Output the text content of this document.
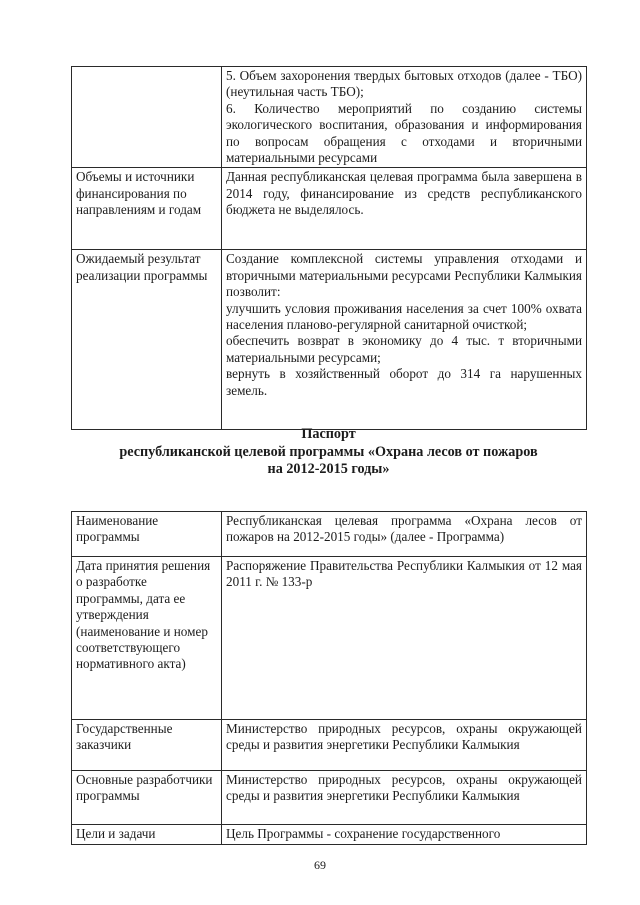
	5. Объем захоронения твердых бытовых отходов (далее - ТБО) (неутильная часть ТБО);

6. Количество мероприятий по созданию системы экологического воспитания, образования и информирования по вопросам обращения с отходами и вторичными материальными ресурсами

Объемы и источники финансирования по направлениям и годам	Данная республиканская целевая программа была завершена в 2014 году, финансирование из средств республиканского бюджета не выделялось.

Ожидаемый результат реализации программы	Создание комплексной системы управления отходами и вторичными материальными ресурсами Республики Калмыкия позволит:

улучшить условия проживания населения за счет 100% охвата населения планово-регулярной санитарной очисткой;

обеспечить возврат в экономику до 4 тыс. т вторичными материальными ресурсами;

вернуть в хозяйственный оборот до 314 га нарушенных земель.

Паспорт
республиканской целевой программы «Охрана лесов от пожаров
на 2012-2015 годы»
Наименование программы	Республиканская целевая программа «Охрана лесов от пожаров на 2012-2015 годы» (далее - Программа)
Дата принятия решения о разработке программы, дата ее утверждения (наименование и номер соответствующего нормативного акта)	Распоряжение Правительства Республики Калмыкия от 12 мая 2011 г. № 133-р
Государственные заказчики	Министерство природных ресурсов, охраны окружающей среды и развития энергетики Республики Калмыкия
Основные разработчики программы	Министерство природных ресурсов, охраны окружающей среды и развития энергетики Республики Калмыкия
Цели и задачи	Цель Программы - сохранение государственного
69
